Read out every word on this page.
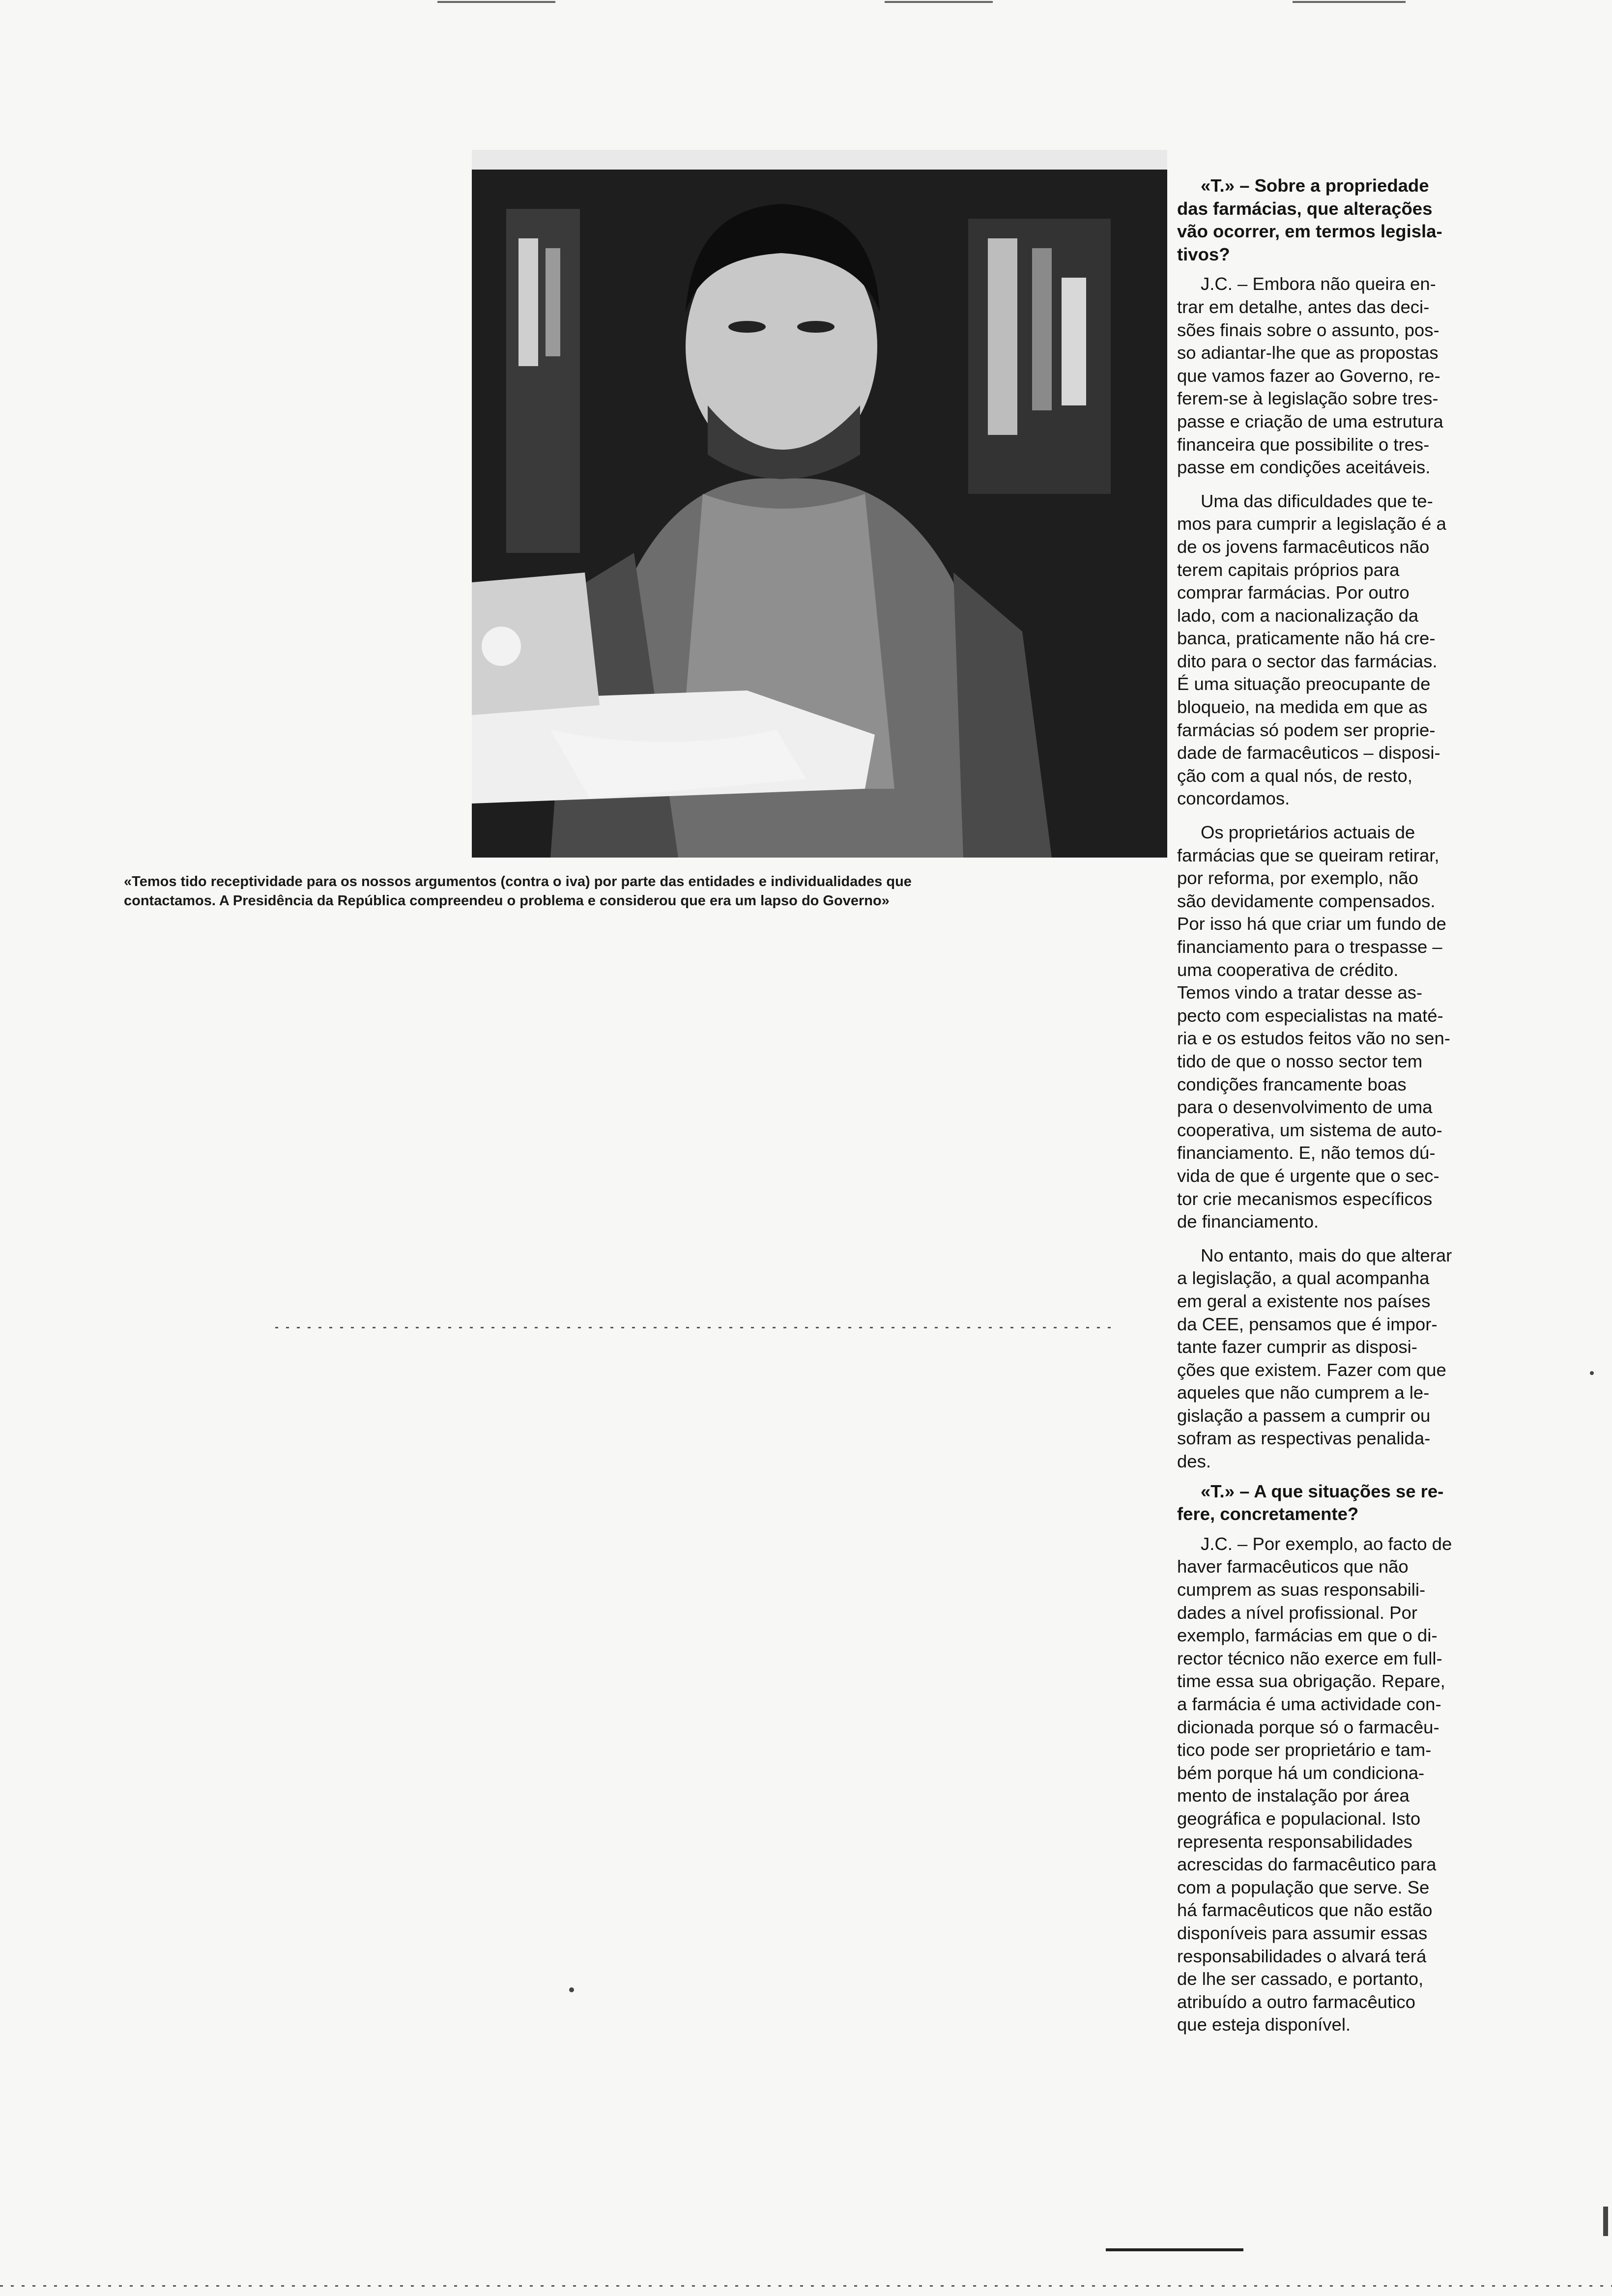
«Temos tido receptividade para os nossos argumentos (contra o iva) por parte das entidades e individualidades que

contactamos. A Presidência da República compreendeu o problema e considerou que era um lapso do Governo»

«T.» – Sobre a propriedade
das farmácias, que alterações
vão ocorrer, em termos legisla-
tivos?

J.C. – Embora não queira en-
trar em detalhe, antes das deci-
sões finais sobre o assunto, pos-
so adiantar-lhe que as propostas
que vamos fazer ao Governo, re-
ferem-se à legislação sobre tres-
passe e criação de uma estrutura
financeira que possibilite o tres-
passe em condições aceitáveis.

Uma das dificuldades que te-
mos para cumprir a legislação é a
de os jovens farmacêuticos não
terem capitais próprios para
comprar farmácias. Por outro
lado, com a nacionalização da
banca, praticamente não há cre-
dito para o sector das farmácias.
É uma situação preocupante de
bloqueio, na medida em que as
farmácias só podem ser proprie-
dade de farmacêuticos – disposi-
ção com a qual nós, de resto,
concordamos.

Os proprietários actuais de
farmácias que se queiram retirar,
por reforma, por exemplo, não
são devidamente compensados.
Por isso há que criar um fundo de
financiamento para o trespasse –
uma cooperativa de crédito.
Temos vindo a tratar desse as-
pecto com especialistas na maté-
ria e os estudos feitos vão no sen-
tido de que o nosso sector tem
condições francamente boas
para o desenvolvimento de uma
cooperativa, um sistema de auto-
financiamento. E, não temos dú-
vida de que é urgente que o sec-
tor crie mecanismos específicos
de financiamento.

No entanto, mais do que alterar
a legislação, a qual acompanha
em geral a existente nos países
da CEE, pensamos que é impor-
tante fazer cumprir as disposi-
ções que existem. Fazer com que
aqueles que não cumprem a le-
gislação a passem a cumprir ou
sofram as respectivas penalida-
des.

«T.» – A que situações se re-
fere, concretamente?

J.C. – Por exemplo, ao facto de
haver farmacêuticos que não
cumprem as suas responsabili-
dades a nível profissional. Por
exemplo, farmácias em que o di-
rector técnico não exerce em full-
time essa sua obrigação. Repare,
a farmácia é uma actividade con-
dicionada porque só o farmacêu-
tico pode ser proprietário e tam-
bém porque há um condiciona-
mento de instalação por área
geográfica e populacional. Isto
representa responsabilidades
acrescidas do farmacêutico para
com a população que serve. Se
há farmacêuticos que não estão
disponíveis para assumir essas
responsabilidades o alvará terá
de lhe ser cassado, e portanto,
atribuído a outro farmacêutico
que esteja disponível.
